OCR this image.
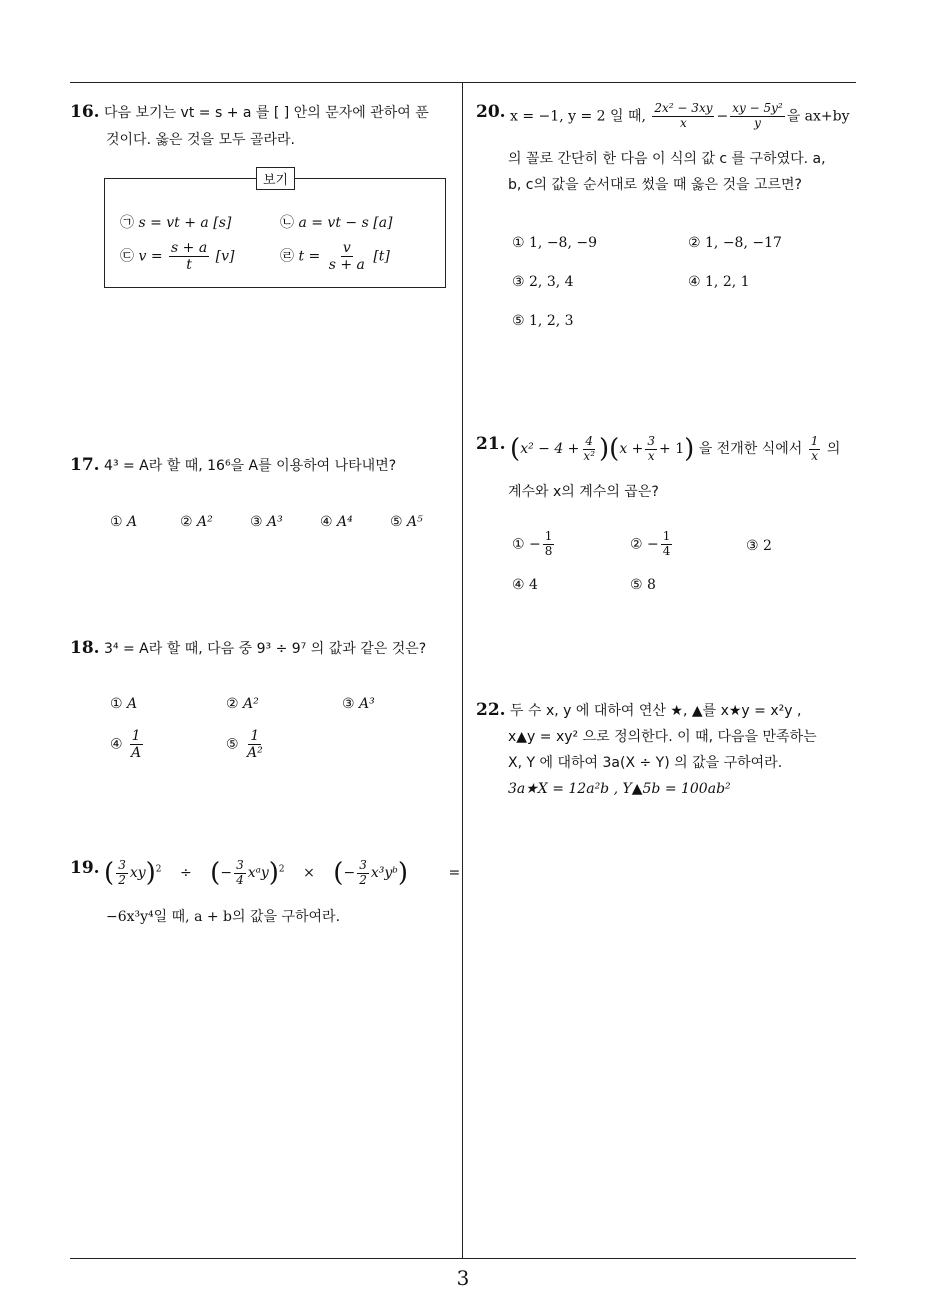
3
16. 다음 보기는 vt = s + a 를 [ ] 안의 문자에 관하여 푼
것이다. 옳은 것을 모두 골라라.
보기
㉠ s = vt + a [s]	㉡ a = vt − s [a]
㉢ $v = \frac{s + a}{t} [v]$	㉣ $t = \frac{v}{s + a} [t]$
17. 4³ = A라 할 때, 16⁶을 A를 이용하여 나타내면?
① A	② A²	③ A³	④ A⁴	⑤ A⁵
18. 3⁴ = A라 할 때, 다음 중 9³ ÷ 9⁷ 의 값과 같은 것은?
① A	② A²	③ A³
④ $\frac{1}{A}$	⑤ $\frac{1}{\text{A²}}$
19. ( $\frac{3}{2} xy)^2$ ÷ (− $\frac{3}{4}$ xᵃy)$^2$ × (− $\frac{3}{2}$ x³yᵇ)	=
−6x³y⁴일 때, a + b의 값을 구하여라.
20. x = −1, y = 2 일 때, $\frac{\text{2x² − 3xy}}{x} - \frac{\text{xy − 5y²}}{y}$ 을 ax+by
의 꼴로 간단히 한 다음 이 식의 값 c 를 구하였다. a,
b, c의 값을 순서대로 썼을 때 옳은 것을 고르면?
① 1, −8, −9	② 1, −8, −17
③ 2, 3, 4	④ 1, 2, 1
⑤ 1, 2, 3
21. $(x^2 - 4 + \frac{4}{\text{x²}} )(x + \frac{3}{x} + 1)$ 을 전개한 식에서 $\frac{1}{x}$ 의
계수와 x의 계수의 곱은?
① − $\frac{1}{8}$	② − $\frac{1}{4}$	③ 2
④ 4	⑤ 8
22. 두 수 x, y 에 대하여 연산 ★, ▲를 x★y = x²y ,
x▲y = xy² 으로 정의한다. 이 때, 다음을 만족하는
X, Y 에 대하여 3a(X ÷ Y) 의 값을 구하여라.
3a★X = 12a²b , Y▲5b = 100ab²
